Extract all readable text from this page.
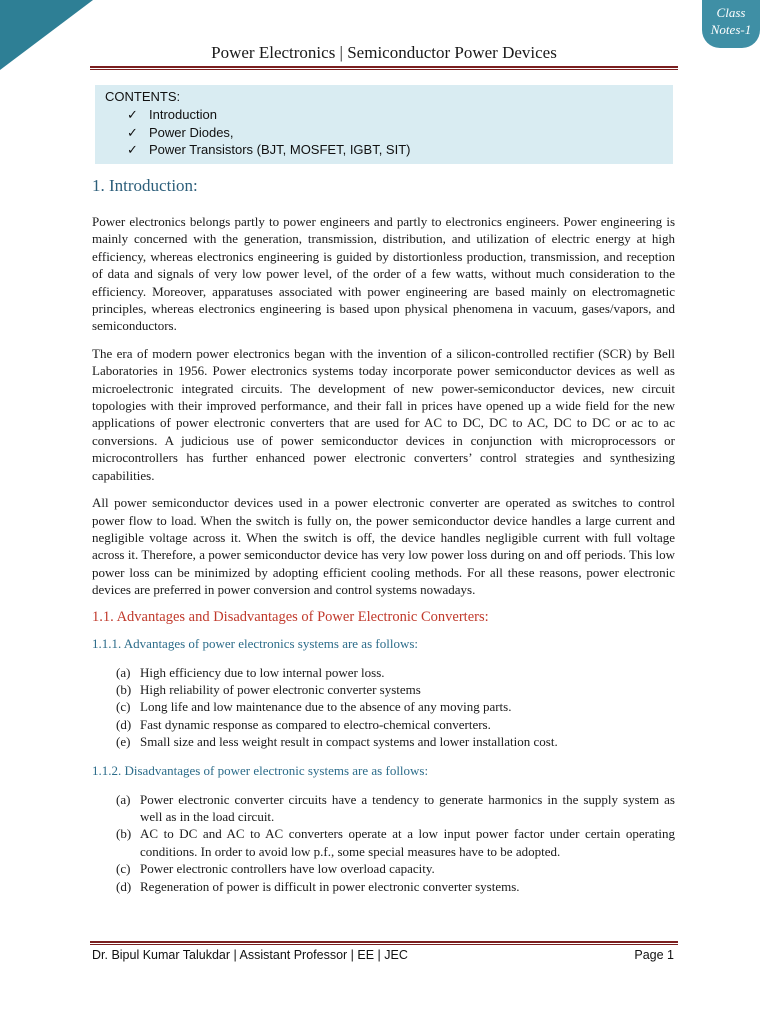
Class
Notes-1
Power Electronics | Semiconductor Power Devices
CONTENTS:
✓ Introduction
✓ Power Diodes,
✓ Power Transistors (BJT, MOSFET, IGBT, SIT)
1. Introduction:

Power electronics belongs partly to power engineers and partly to electronics engineers. Power engineering is mainly concerned with the generation, transmission, distribution, and utilization of electric energy at high efficiency, whereas electronics engineering is guided by distortionless production, transmission, and reception of data and signals of very low power level, of the order of a few watts, without much consideration to the efficiency. Moreover, apparatuses associated with power engineering are based mainly on electromagnetic principles, whereas electronics engineering is based upon physical phenomena in vacuum, gases/vapors, and semiconductors.

The era of modern power electronics began with the invention of a silicon-controlled rectifier (SCR) by Bell Laboratories in 1956. Power electronics systems today incorporate power semiconductor devices as well as microelectronic integrated circuits. The development of new power-semiconductor devices, new circuit topologies with their improved performance, and their fall in prices have opened up a wide field for the new applications of power electronic converters that are used for AC to DC, DC to AC, DC to DC or ac to ac conversions. A judicious use of power semiconductor devices in conjunction with microprocessors or microcontrollers has further enhanced power electronic converters’ control strategies and synthesizing capabilities.

All power semiconductor devices used in a power electronic converter are operated as switches to control power flow to load. When the switch is fully on, the power semiconductor device handles a large current and negligible voltage across it. When the switch is off, the device handles negligible current with full voltage across it. Therefore, a power semiconductor device has very low power loss during on and off periods. This low power loss can be minimized by adopting efficient cooling methods. For all these reasons, power electronic devices are preferred in power conversion and control systems nowadays.

1.1. Advantages and Disadvantages of Power Electronic Converters:
1.1.1. Advantages of power electronics systems are as follows:
(a) High efficiency due to low internal power loss.
(b) High reliability of power electronic converter systems
(c) Long life and low maintenance due to the absence of any moving parts.
(d) Fast dynamic response as compared to electro-chemical converters.
(e) Small size and less weight result in compact systems and lower installation cost.
1.1.2. Disadvantages of power electronic systems are as follows:
(a) Power electronic converter circuits have a tendency to generate harmonics in the supply system as well as in the load circuit.
(b) AC to DC and AC to AC converters operate at a low input power factor under certain operating conditions. In order to avoid low p.f., some special measures have to be adopted.
(c) Power electronic controllers have low overload capacity.
(d) Regeneration of power is difficult in power electronic converter systems.
Dr. Bipul Kumar Talukdar | Assistant Professor | EE | JEC	Page 1
